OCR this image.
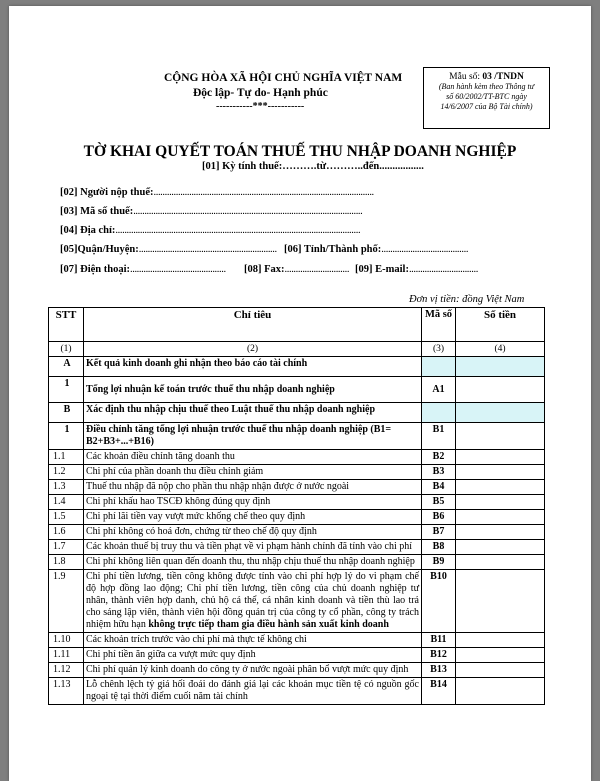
CỘNG HÒA XÃ HỘI CHỦ NGHĨA VIỆT NAM
Độc lập- Tự do- Hạnh phúc
-----------***-----------
Mẫu số: 03 /TNDN
(Ban hành kèm theo Thông tư
số 60/2002/TT-BTC ngày
14/6/2007 của Bộ Tài chính)
TỜ KHAI QUYẾT TOÁN THUẾ THU NHẬP DOANH NGHIỆP
[01] Kỳ tính thuế:……….từ………..đến.................
[02] Người nộp thuế:...................................................................................................
[03] Mã số thuế:.......................................................................................................
[04] Địa chỉ:..............................................................................................................
[05]Quận/Huyện:.............................................................. [06] Tỉnh/Thành phố:.......................................
[07] Điện thoại:........................................... [08] Fax:............................. [09] E-mail:...............................
Đơn vị tiền: đồng Việt Nam
STT	Chỉ tiêu	Mã số	Số tiền
(1)	(2)	(3)	(4)
A	Kết quả kinh doanh ghi nhận theo báo cáo tài chính		
1	Tổng lợi nhuận kế toán trước thuế thu nhập doanh nghiệp	A1	
B	Xác định thu nhập chịu thuế theo Luật thuế thu nhập doanh nghiệp		
1	Điều chỉnh tăng tổng lợi nhuận trước thuế thu nhập doanh nghiệp (B1= B2+B3+...+B16)	B1	
1.1	Các khoản điều chỉnh tăng doanh thu	B2	
1.2	Chi phí của phần doanh thu điều chỉnh giảm	B3	
1.3	Thuế thu nhập đã nộp cho phần thu nhập nhận được ở nước ngoài	B4	
1.4	Chi phí khấu hao TSCĐ không đúng quy định	B5	
1.5	Chi phí lãi tiền vay vượt mức khống chế theo quy định	B6	
1.6	Chi phí không có hoá đơn, chứng từ theo chế độ quy định	B7	
1.7	Các khoản thuế bị truy thu và tiền phạt về vi phạm hành chính đã tính vào chi phí	B8	
1.8	Chi phí không liên quan đến doanh thu, thu nhập chịu thuế thu nhập doanh nghiệp	B9	
1.9	Chi phí tiền lương, tiền công không được tính vào chi phí hợp lý do vi phạm chế độ hợp đồng lao động; Chi phí tiền lương, tiền công của chủ doanh nghiệp tư nhân, thành viên hợp danh, chủ hộ cá thể, cá nhân kinh doanh và tiền thù lao trả cho sáng lập viên, thành viên hội đồng quản trị của công ty cổ phần, công ty trách nhiệm hữu hạn không trực tiếp tham gia điều hành sản xuất kinh doanh	B10	
1.10	Các khoản trích trước vào chi phí mà thực tế không chi	B11	
1.11	Chi phí tiền ăn giữa ca vượt mức quy định	B12	
1.12	Chi phí quản lý kinh doanh do công ty ở nước ngoài phân bổ vượt mức quy định	B13	
1.13	Lỗ chênh lệch tỷ giá hối đoái do đánh giá lại các khoản mục tiền tệ có nguồn gốc ngoại tệ tại thời điểm cuối năm tài chính	B14	
